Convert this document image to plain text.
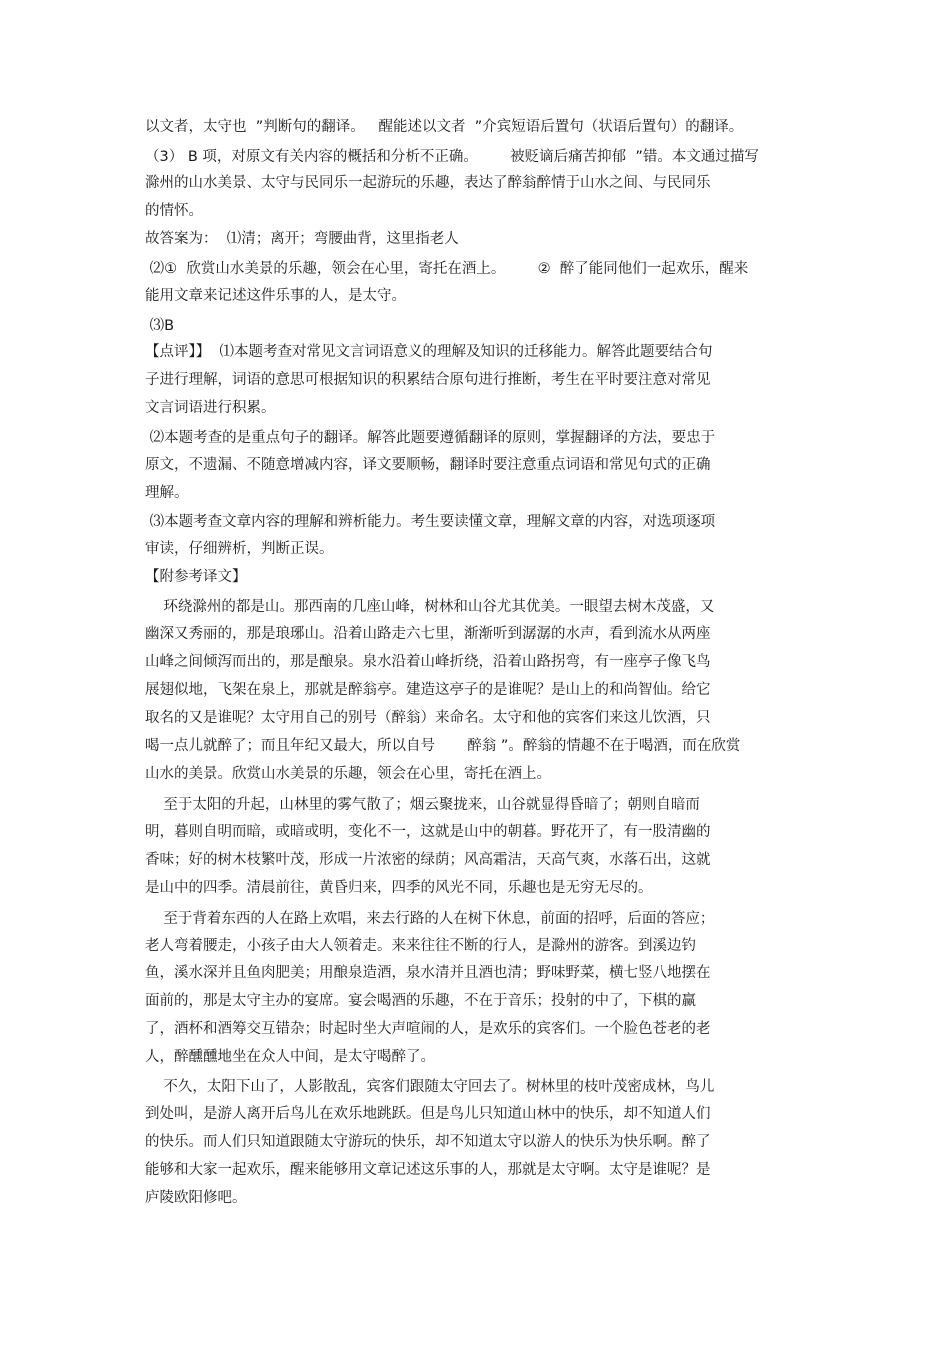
以文者，太守也  ”判断句的翻译。   醒能述以文者  ”介宾短语后置句（状语后置句）的翻译。
（3） B 项，对原文有关内容的概括和分析不正确。       被贬谪后痛苦抑郁  ”错。本文通过描写
滁州的山水美景、太守与民同乐一起游玩的乐趣，表达了醉翁醉情于山水之间、与民同乐
的情怀。
故答案为：  ⑴清；离开；弯腰曲背，这里指老人
⑵①  欣赏山水美景的乐趣，领会在心里，寄托在酒上。       ②  醉了能同他们一起欢乐，醒来
能用文章来记述这件乐事的人，是太守。
⑶B
【点评】】  ⑴本题考查对常见文言词语意义的理解及知识的迁移能力。解答此题要结合句
子进行理解，词语的意思可根据知识的积累结合原句进行推断，考生在平时要注意对常见
文言词语进行积累。
⑵本题考查的是重点句子的翻译。解答此题要遵循翻译的原则，掌握翻译的方法，要忠于
原文，不遗漏、不随意增减内容，译文要顺畅，翻译时要注意重点词语和常见句式的正确
理解。
⑶本题考查文章内容的理解和辨析能力。考生要读懂文章，理解文章的内容，对选项逐项
审读，仔细辨析，判断正误。
【附参考译文】
环绕滁州的都是山。那西南的几座山峰，树林和山谷尤其优美。一眼望去树木茂盛，又
幽深又秀丽的，那是琅琊山。沿着山路走六七里，渐渐听到潺潺的水声，看到流水从两座
山峰之间倾泻而出的，那是酿泉。泉水沿着山峰折绕，沿着山路拐弯，有一座亭子像飞鸟
展翅似地，飞架在泉上，那就是醉翁亭。建造这亭子的是谁呢？是山上的和尚智仙。给它
取名的又是谁呢？太守用自己的别号（醉翁）来命名。太守和他的宾客们来这儿饮酒，只
喝一点儿就醉了；而且年纪又最大，所以自号       醉翁 ”。醉翁的情趣不在于喝酒，而在欣赏
山水的美景。欣赏山水美景的乐趣，领会在心里，寄托在酒上。
至于太阳的升起，山林里的雾气散了；烟云聚拢来，山谷就显得昏暗了；朝则自暗而
明，暮则自明而暗，或暗或明，变化不一，这就是山中的朝暮。野花开了，有一股清幽的
香味；好的树木枝繁叶茂，形成一片浓密的绿荫；风高霜洁，天高气爽，水落石出，这就
是山中的四季。清晨前往，黄昏归来，四季的风光不同，乐趣也是无穷无尽的。
至于背着东西的人在路上欢唱，来去行路的人在树下休息，前面的招呼，后面的答应；
老人弯着腰走，小孩子由大人领着走。来来往往不断的行人，是滁州的游客。到溪边钓
鱼，溪水深并且鱼肉肥美；用酿泉造酒，泉水清并且酒也清；野味野菜，横七竖八地摆在
面前的，那是太守主办的宴席。宴会喝酒的乐趣，不在于音乐；投射的中了，下棋的赢
了，酒杯和酒筹交互错杂；时起时坐大声喧闹的人，是欢乐的宾客们。一个脸色苍老的老
人，醉醺醺地坐在众人中间，是太守喝醉了。
不久，太阳下山了，人影散乱，宾客们跟随太守回去了。树林里的枝叶茂密成林，鸟儿
到处叫，是游人离开后鸟儿在欢乐地跳跃。但是鸟儿只知道山林中的快乐，却不知道人们
的快乐。而人们只知道跟随太守游玩的快乐，却不知道太守以游人的快乐为快乐啊。醉了
能够和大家一起欢乐，醒来能够用文章记述这乐事的人，那就是太守啊。太守是谁呢？是
庐陵欧阳修吧。
